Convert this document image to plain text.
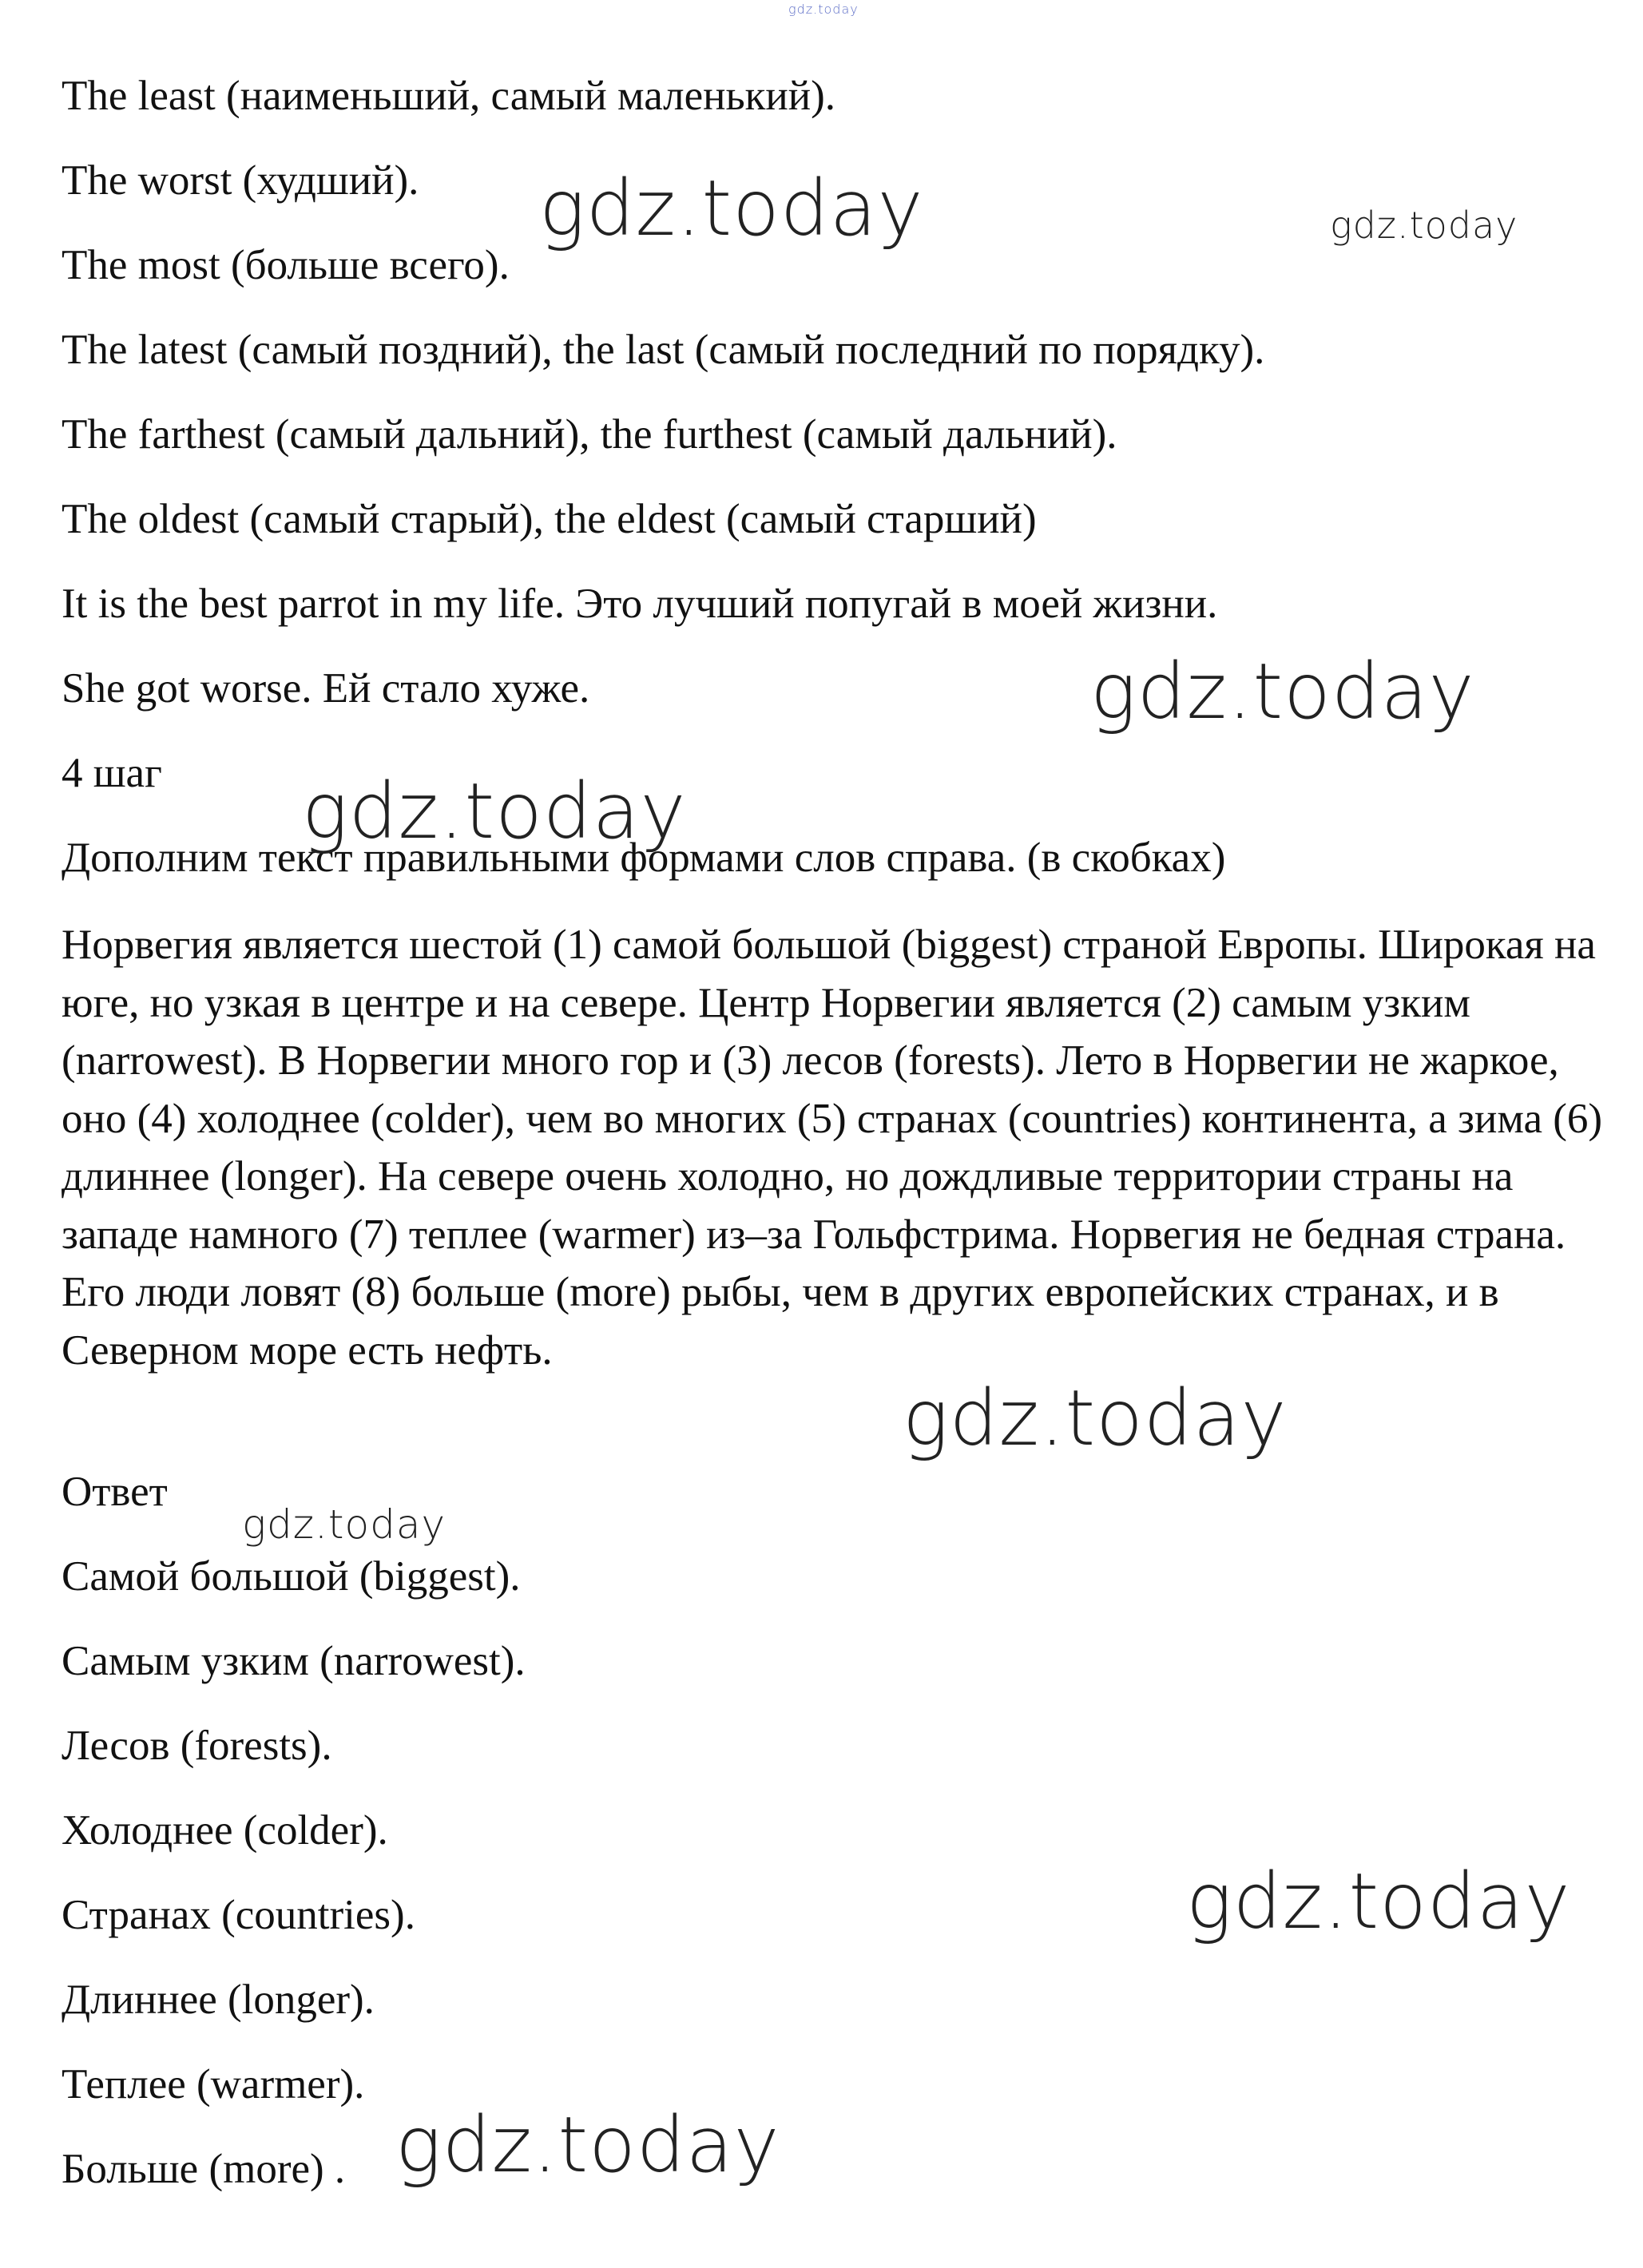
gdz.today
The least (наименьший, самый маленький).
The worst (худший).
The most (больше всего).
The latest (самый поздний), the last (самый последний по порядку).
The farthest (самый дальний), the furthest (самый дальний).
The oldest (самый старый), the eldest (самый старший)
It is the best parrot in my life. Это лучший попугай в моей жизни.
She got worse. Ей стало хуже.
4 шаг
Дополним текст правильными формами слов справа. (в скобках)
Норвегия является шестой (1) самой большой (biggest) страной Европы. Широкая на юге, но узкая в центре и на севере. Центр Норвегии является (2) самым узким (narrowest). В Норвегии много гор и (3) лесов (forests). Лето в Норвегии не жаркое, оно (4) холоднее (colder), чем во многих (5) странах (countries) континента, а зима (6) длиннее (longer). На севере очень холодно, но дождливые территории страны на западе намного (7) теплее (warmer) из–за Гольфстрима. Норвегия не бедная страна. Его люди ловят (8) больше (more) рыбы, чем в других европейских странах, и в Северном море есть нефть.
Ответ
Самой большой (biggest).
Самым узким (narrowest).
Лесов (forests).
Холоднее (colder).
Странах (countries).
Длиннее (longer).
Теплее (warmer).
Больше (more) .
gdz.today	gdz.today
gdz.today
gdz.today
gdz.today
gdz.today
gdz.today
gdz.today
